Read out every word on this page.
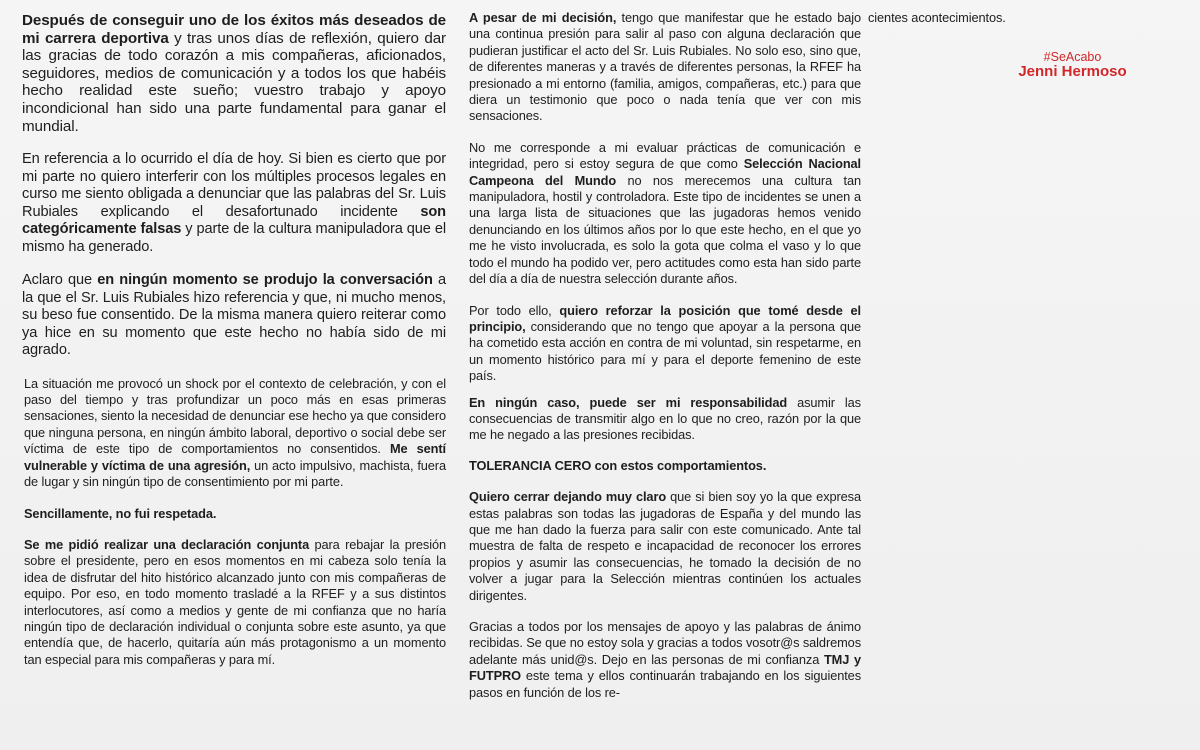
Después de conseguir uno de los éxitos más deseados de mi carrera deportiva y tras unos días de reflexión, quiero dar las gracias de todo corazón a mis compañeras, aficionados, seguidores, medios de comunicación y a todos los que habéis hecho realidad este sueño; vuestro trabajo y apoyo incondicional han sido una parte fundamental para ganar el mundial.

En referencia a lo ocurrido el día de hoy. Si bien es cierto que por mi parte no quiero interferir con los múltiples procesos legales en curso me siento obligada a denunciar que las palabras del Sr. Luis Rubiales explicando el desafortunado incidente son categóricamente falsas y parte de la cultura manipuladora que el mismo ha generado.

Aclaro que en ningún momento se produjo la conversación a la que el Sr. Luis Rubiales hizo referencia y que, ni mucho menos, su beso fue consentido. De la misma manera quiero reiterar como ya hice en su momento que este hecho no había sido de mi agrado.

La situación me provocó un shock por el contexto de celebración, y con el paso del tiempo y tras profundizar un poco más en esas primeras sensaciones, siento la necesidad de denunciar ese hecho ya que considero que ninguna persona, en ningún ámbito laboral, deportivo o social debe ser víctima de este tipo de comportamientos no consentidos. Me sentí vulnerable y víctima de una agresión, un acto impulsivo, machista, fuera de lugar y sin ningún tipo de consentimiento por mi parte.

Sencillamente, no fui respetada.

Se me pidió realizar una declaración conjunta para rebajar la presión sobre el presidente, pero en esos momentos en mi cabeza solo tenía la idea de disfrutar del hito histórico alcanzado junto con mis compañeras de equipo. Por eso, en todo momento trasladé a la RFEF y a sus distintos interlocutores, así como a medios y gente de mi confianza que no haría ningún tipo de declaración individual o conjunta sobre este asunto, ya que entendía que, de hacerlo, quitaría aún más protagonismo a un momento tan especial para mis compañeras y para mí.

A pesar de mi decisión, tengo que manifestar que he estado bajo una continua presión para salir al paso con alguna declaración que pudieran justificar el acto del Sr. Luis Rubiales. No solo eso, sino que, de diferentes maneras y a través de diferentes personas, la RFEF ha presionado a mi entorno (familia, amigos, compañeras, etc.) para que diera un testimonio que poco o nada tenía que ver con mis sensaciones.

No me corresponde a mi evaluar prácticas de comunicación e integridad, pero si estoy segura de que como Selección Nacional Campeona del Mundo no nos merecemos una cultura tan manipuladora, hostil y controladora. Este tipo de incidentes se unen a una larga lista de situaciones que las jugadoras hemos venido denunciando en los últimos años por lo que este hecho, en el que yo me he visto involucrada, es solo la gota que colma el vaso y lo que todo el mundo ha podido ver, pero actitudes como esta han sido parte del día a día de nuestra selección durante años.

Por todo ello, quiero reforzar la posición que tomé desde el principio, considerando que no tengo que apoyar a la persona que ha cometido esta acción en contra de mi voluntad, sin respetarme, en un momento histórico para mí y para el deporte femenino de este país.

En ningún caso, puede ser mi responsabilidad asumir las consecuencias de transmitir algo en lo que no creo, razón por la que me he negado a las presiones recibidas.

TOLERANCIA CERO con estos comportamientos.

Quiero cerrar dejando muy claro que si bien soy yo la que expresa estas palabras son todas las jugadoras de España y del mundo las que me han dado la fuerza para salir con este comunicado. Ante tal muestra de falta de respeto e incapacidad de reconocer los errores propios y asumir las consecuencias, he tomado la decisión de no volver a jugar para la Selección mientras continúen los actuales dirigentes.

Gracias a todos por los mensajes de apoyo y las palabras de ánimo recibidas. Se que no estoy sola y gracias a todos vosotr@s saldremos adelante más unid@s. Dejo en las personas de mi confianza TMJ y FUTPRO este tema y ellos continuarán trabajando en los siguientes pasos en función de los re-

cientes acontecimientos.

#SeAcabo
Jenni Hermoso
